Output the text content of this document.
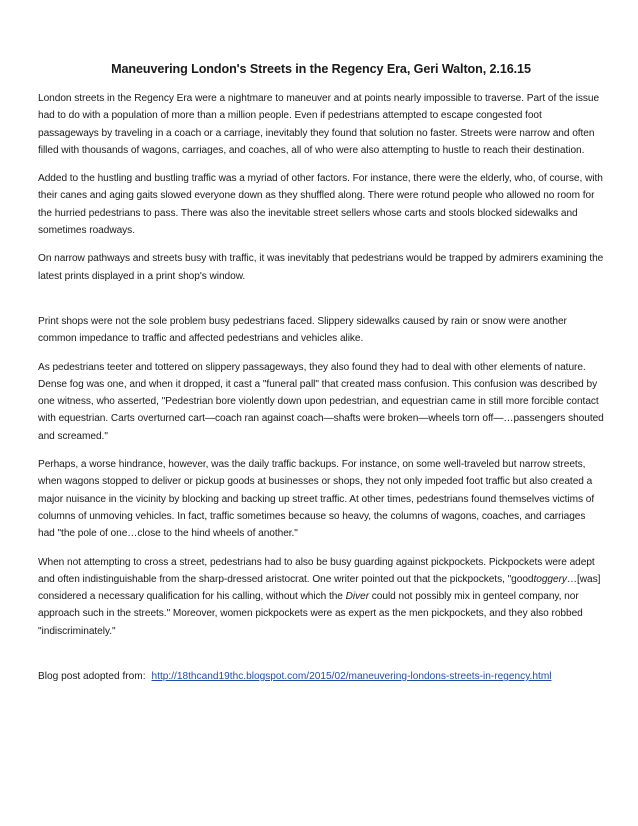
Maneuvering London's Streets in the Regency Era, Geri Walton, 2.16.15

London streets in the Regency Era were a nightmare to maneuver and at points nearly impossible to traverse. Part of the issue had to do with a population of more than a million people. Even if pedestrians attempted to escape congested foot passageways by traveling in a coach or a carriage, inevitably they found that solution no faster. Streets were narrow and often filled with thousands of wagons, carriages, and coaches, all of who were also attempting to hustle to reach their destination.

Added to the hustling and bustling traffic was a myriad of other factors. For instance, there were the elderly, who, of course, with their canes and aging gaits slowed everyone down as they shuffled along. There were rotund people who allowed no room for the hurried pedestrians to pass. There was also the inevitable street sellers whose carts and stools blocked sidewalks and sometimes roadways.

On narrow pathways and streets busy with traffic, it was inevitably that pedestrians would be trapped by admirers examining the latest prints displayed in a print shop's window.

Print shops were not the sole problem busy pedestrians faced. Slippery sidewalks caused by rain or snow were another common impedance to traffic and affected pedestrians and vehicles alike.

As pedestrians teeter and tottered on slippery passageways, they also found they had to deal with other elements of nature. Dense fog was one, and when it dropped, it cast a "funeral pall" that created mass confusion. This confusion was described by one witness, who asserted, "Pedestrian bore violently down upon pedestrian, and equestrian came in still more forcible contact with equestrian. Carts overturned cart—coach ran against coach—shafts were broken—wheels torn off—…passengers shouted and screamed."

Perhaps, a worse hindrance, however, was the daily traffic backups. For instance, on some well-traveled but narrow streets, when wagons stopped to deliver or pickup goods at businesses or shops, they not only impeded foot traffic but also created a major nuisance in the vicinity by blocking and backing up street traffic. At other times, pedestrians found themselves victims of columns of unmoving vehicles. In fact, traffic sometimes because so heavy, the columns of wagons, coaches, and carriages had "the pole of one…close to the hind wheels of another."

When not attempting to cross a street, pedestrians had to also be busy guarding against pickpockets. Pickpockets were adept and often indistinguishable from the sharp-dressed aristocrat. One writer pointed out that the pickpockets, "goodtoggery…[was] considered a necessary qualification for his calling, without which the Diver could not possibly mix in genteel company, nor approach such in the streets." Moreover, women pickpockets were as expert as the men pickpockets, and they also robbed "indiscriminately."

Blog post adopted from: http://18thcand19thc.blogspot.com/2015/02/maneuvering-londons-streets-in-regency.html
